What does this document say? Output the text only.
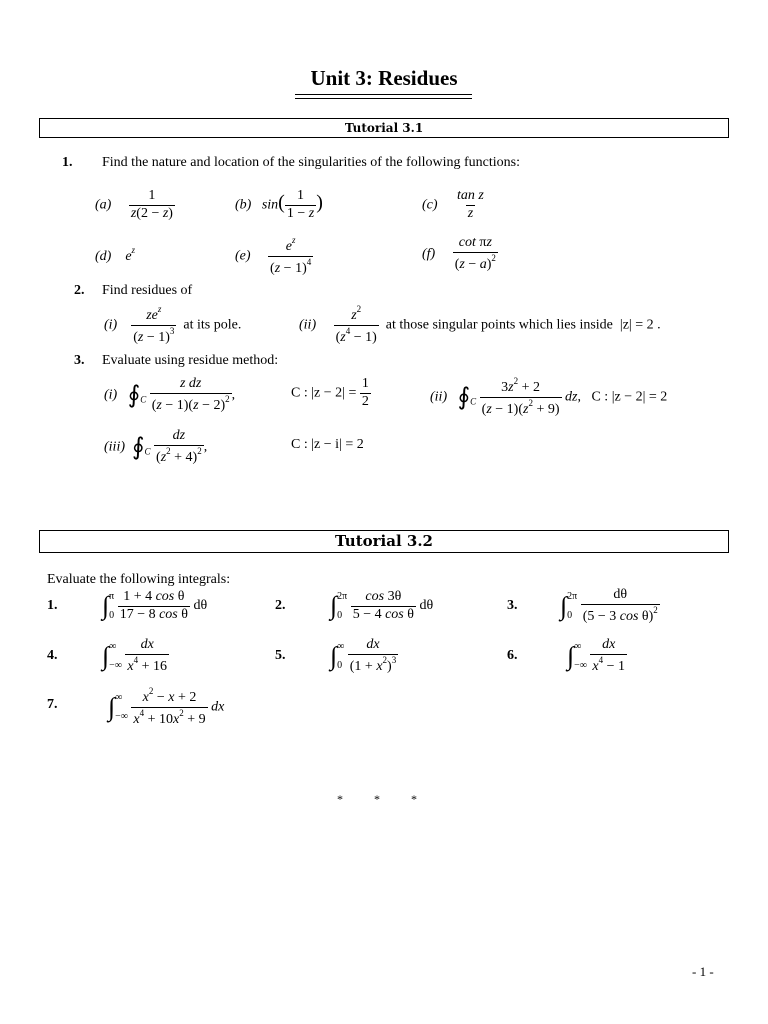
Unit 3: Residues
Tutorial 3.1
1. Find the nature and location of the singularities of the following functions:
$(a) \frac{1}{z(2 - z)}$	(b) $\sin( \frac{1}{1 - z}$ )	$(c) \frac{\text{tan z}}{z}$
(d) $e^z$	$(e) \frac{e^z}{(z - 1)^4}$	$(f) \frac{\text{cot πz}}{(z - a)^2}$
2. Find residues of
$(i) \frac{ze^z}{(z - 1)^3}$ at its pole.	$(ii) \frac{z^2}{(z^4 - 1)}$ at those singular points which lies inside |z| = 2 .
3. Evaluate using residue method:
(i) $∮_C \frac{\text{z dz}}{(z - 1)(z - 2)^2}$ ,	C : $|z - 2| = \frac{1}{2}$	(ii) $∮_C \frac{3z^2 + 2}{(z - 1)(z^2 + 9)}$ dz,   C : |z − 2| = 2
(iii) $∮_C \frac{dz}{(z^2 + 4)^2}$ ,	C : |z − i| = 2
Tutorial 3.2
Evaluate the following integrals:
1. ∫ π
0
$\frac{\text{1 + 4 cos θ}}{\text{17 − 8 cos θ}}$ dθ	2. ∫ 2π
0
$\frac{\cos 3\theta}{\text{5 − 4 cos θ}}$ dθ	3. ∫ 2π
0
$\frac{d\theta}{(5 - 3 \cos \theta)^2}$
4. ∫ ∞
−∞
$\frac{dx}{x^4 + 16}$	5. ∫ ∞
0
$\frac{dx}{(1 + x^2)^3}$	6. ∫ ∞
−∞
$\frac{dx}{x^4 - 1}$
7. ∫ ∞
−∞
$\frac{x^2 - x + 2}{x^4 + 10x^2 + 9}$ dx
* * *
- 1 -
